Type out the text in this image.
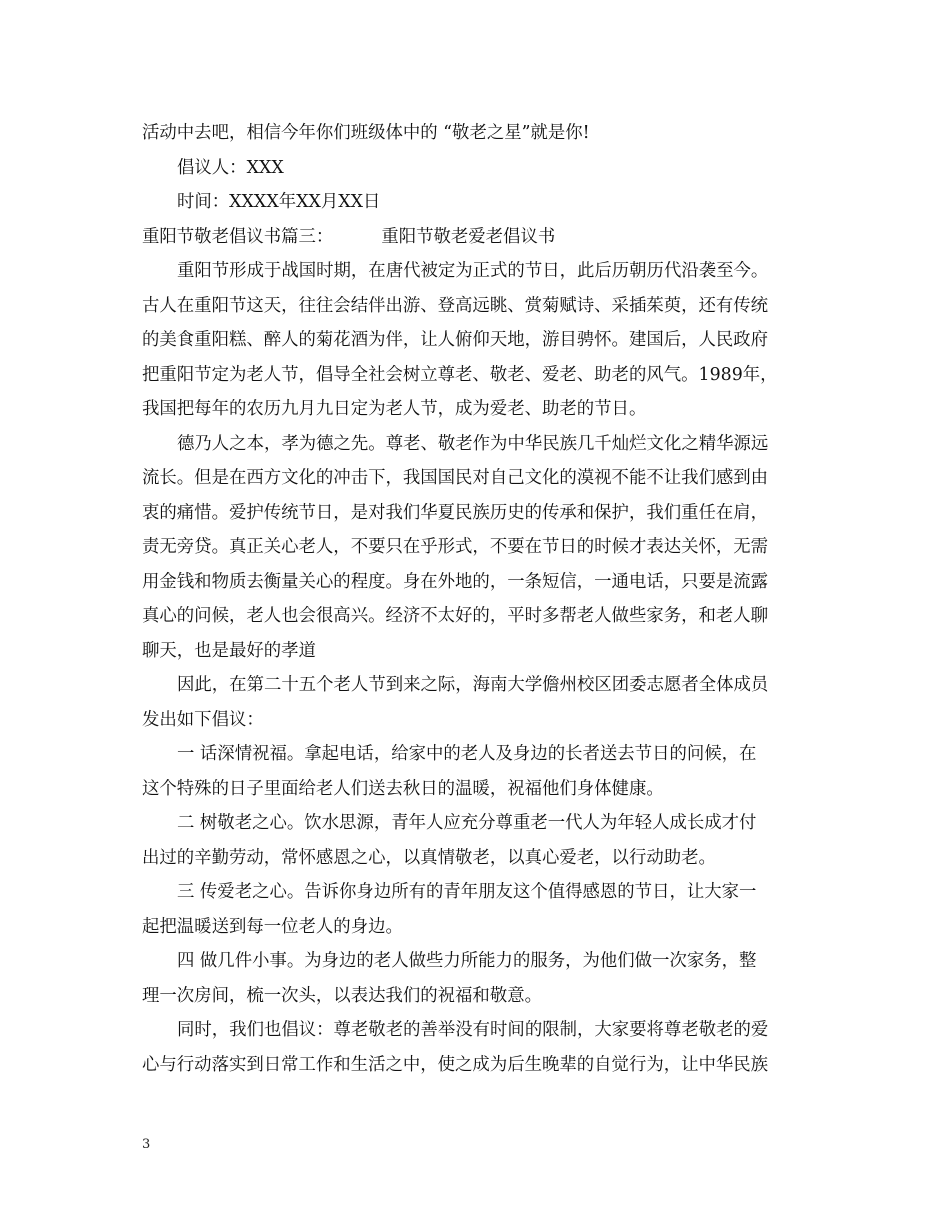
活动中去吧，相信今年你们班级体中的 “敬老之星”就是你!
倡议人：XXX
时间：XXXX年XX月XX日
重阳节敬老倡议书篇三：	重阳节敬老爱老倡议书
重阳节形成于战国时期，在唐代被定为正式的节日，此后历朝历代沿袭至今。
古人在重阳节这天，往往会结伴出游、登高远眺、赏菊赋诗、采插茱萸，还有传统
的美食重阳糕、醉人的菊花酒为伴，让人俯仰天地，游目骋怀。建国后，人民政府
把重阳节定为老人节，倡导全社会树立尊老、敬老、爱老、助老的风气。1989年，
我国把每年的农历九月九日定为老人节，成为爱老、助老的节日。
德乃人之本，孝为德之先。尊老、敬老作为中华民族几千灿烂文化之精华源远
流长。但是在西方文化的冲击下，我国国民对自己文化的漠视不能不让我们感到由
衷的痛惜。爱护传统节日，是对我们华夏民族历史的传承和保护，我们重任在肩，
责无旁贷。真正关心老人，不要只在乎形式，不要在节日的时候才表达关怀，无需
用金钱和物质去衡量关心的程度。身在外地的，一条短信，一通电话，只要是流露
真心的问候，老人也会很高兴。经济不太好的，平时多帮老人做些家务，和老人聊
聊天，也是最好的孝道
因此，在第二十五个老人节到来之际，海南大学儋州校区团委志愿者全体成员
发出如下倡议：
一 话深情祝福。拿起电话，给家中的老人及身边的长者送去节日的问候，在
这个特殊的日子里面给老人们送去秋日的温暖，祝福他们身体健康。
二 树敬老之心。饮水思源，青年人应充分尊重老一代人为年轻人成长成才付
出过的辛勤劳动，常怀感恩之心，以真情敬老，以真心爱老，以行动助老。
三 传爱老之心。告诉你身边所有的青年朋友这个值得感恩的节日，让大家一
起把温暖送到每一位老人的身边。
四 做几件小事。为身边的老人做些力所能力的服务，为他们做一次家务，整
理一次房间，梳一次头，以表达我们的祝福和敬意。
同时，我们也倡议：尊老敬老的善举没有时间的限制，大家要将尊老敬老的爱
心与行动落实到日常工作和生活之中，使之成为后生晚辈的自觉行为，让中华民族
3
